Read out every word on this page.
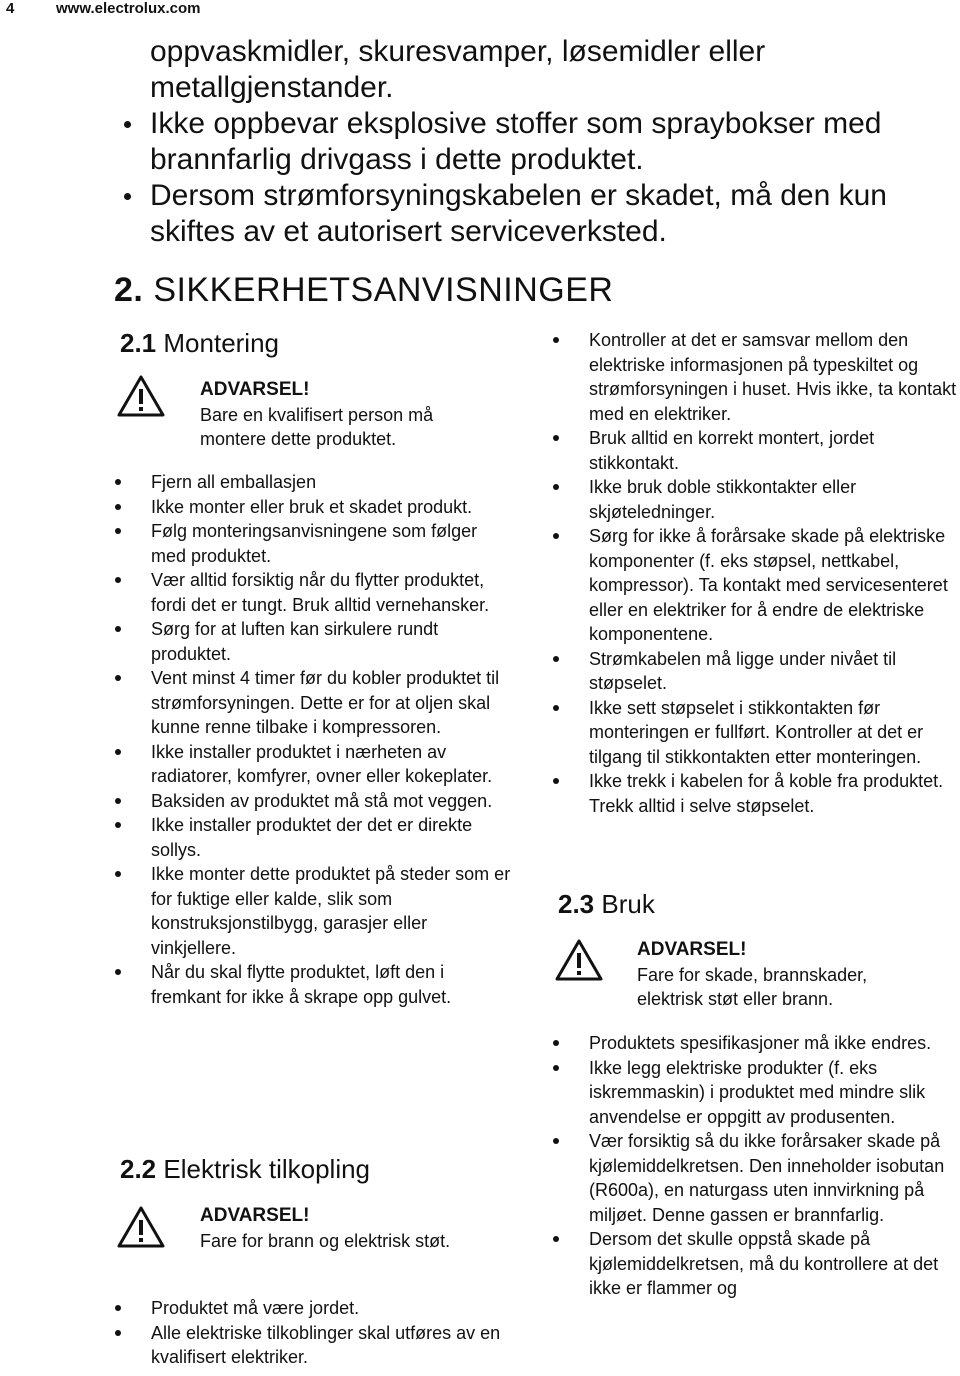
4	www.electrolux.com
oppvaskmidler, skuresvamper, løsemidler eller metallgjenstander.
Ikke oppbevar eksplosive stoffer som spraybokser med brannfarlig drivgass i dette produktet.
Dersom strømforsyningskabelen er skadet, må den kun skiftes av et autorisert serviceverksted.
2. SIKKERHETSANVISNINGER
2.1 Montering
ADVARSEL!
Bare en kvalifisert person må montere dette produktet.
Fjern all emballasjen
Ikke monter eller bruk et skadet produkt.
Følg monteringsanvisningene som følger med produktet.
Vær alltid forsiktig når du flytter produktet, fordi det er tungt. Bruk alltid vernehansker.
Sørg for at luften kan sirkulere rundt produktet.
Vent minst 4 timer før du kobler produktet til strømforsyningen. Dette er for at oljen skal kunne renne tilbake i kompressoren.
Ikke installer produktet i nærheten av radiatorer, komfyrer, ovner eller kokeplater.
Baksiden av produktet må stå mot veggen.
Ikke installer produktet der det er direkte sollys.
Ikke monter dette produktet på steder som er for fuktige eller kalde, slik som konstruksjonstilbygg, garasjer eller vinkjellere.
Når du skal flytte produktet, løft den i fremkant for ikke å skrape opp gulvet.
2.2 Elektrisk tilkopling
ADVARSEL!
Fare for brann og elektrisk støt.
Produktet må være jordet.
Alle elektriske tilkoblinger skal utføres av en kvalifisert elektriker.
Kontroller at det er samsvar mellom den elektriske informasjonen på typeskiltet og strømforsyningen i huset. Hvis ikke, ta kontakt med en elektriker.
Bruk alltid en korrekt montert, jordet stikkontakt.
Ikke bruk doble stikkontakter eller skjøteledninger.
Sørg for ikke å forårsake skade på elektriske komponenter (f. eks støpsel, nettkabel, kompressor). Ta kontakt med servicesenteret eller en elektriker for å endre de elektriske komponentene.
Strømkabelen må ligge under nivået til støpselet.
Ikke sett støpselet i stikkontakten før monteringen er fullført. Kontroller at det er tilgang til stikkontakten etter monteringen.
Ikke trekk i kabelen for å koble fra produktet. Trekk alltid i selve støpselet.
2.3 Bruk
ADVARSEL!
Fare for skade, brannskader, elektrisk støt eller brann.
Produktets spesifikasjoner må ikke endres.
Ikke legg elektriske produkter (f. eks iskremmaskin) i produktet med mindre slik anvendelse er oppgitt av produsenten.
Vær forsiktig så du ikke forårsaker skade på kjølemiddelkretsen. Den inneholder isobutan (R600a), en naturgass uten innvirkning på miljøet. Denne gassen er brannfarlig.
Dersom det skulle oppstå skade på kjølemiddelkretsen, må du kontrollere at det ikke er flammer og
